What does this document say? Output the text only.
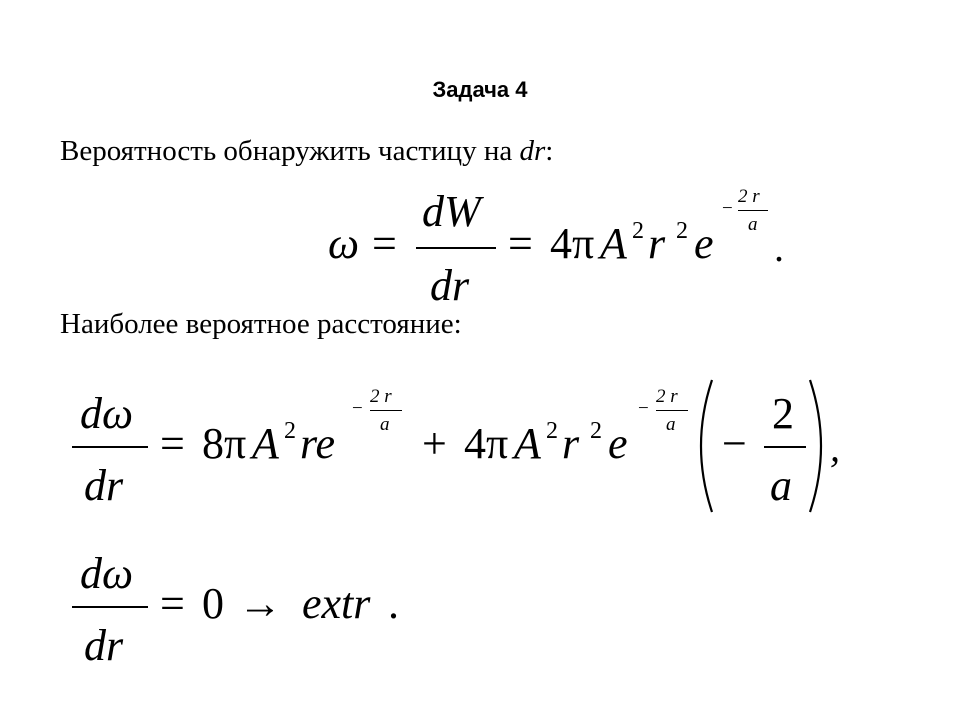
Задача 4
Вероятность обнаружить частицу на dr:
ω =
dW
dr
= 4π A 2 r 2 e
−
2 r
a
.
Наиболее вероятное расстояние:
dω
dr
= 8π A 2 re
−
2 r
a + 4π A 2 r 2 e
−
2 r
a −
2
a
,
dω
dr
= 0 → extr .
